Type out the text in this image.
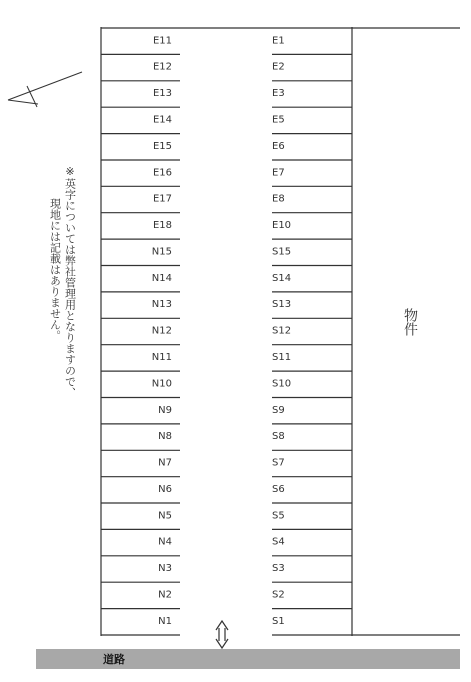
E11
E12
E13
E14
E15
E16
E17
E18
N15
N14
N13
N12
N11
N10
N9
N8
N7
N6
N5
N4
N3
N2
N1
E1
E2
E3
E5
E6
E7
E8
E10
S15
S14
S13
S12
S11
S10
S9
S8
S7
S6
S5
S4
S3
S2
S1
物件
※英字については弊社管理用となりますので、
現地には記載はありません。
道路
